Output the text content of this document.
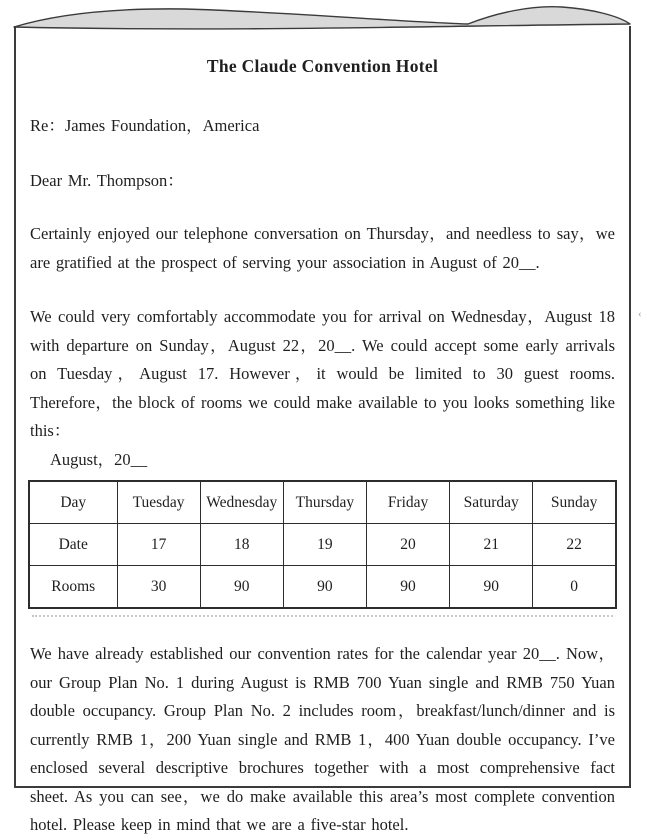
‹
The Claude Convention Hotel

Re：James Foundation，America

Dear Mr. Thompson：

Certainly enjoyed our telephone conversation on Thursday，and needless to say，we are gratified at the prospect of serving your association in August of 20__.

We could very comfortably accommodate you for arrival on Wednesday，August 18 with departure on Sunday，August 22，20__. We could accept some early arrivals on Tuesday，August 17. However，it would be limited to 30 guest rooms. Therefore，the block of rooms we could make available to you looks something like this：

August，20__

Day	Tuesday	Wednesday	Thursday	Friday	Saturday	Sunday
Date	17	18	19	20	21	22
Rooms	30	90	90	90	90	0

We have already established our convention rates for the calendar year 20__. Now，our Group Plan No. 1 during August is RMB 700 Yuan single and RMB 750 Yuan double occupancy. Group Plan No. 2 includes room，breakfast/lunch/dinner and is currently RMB 1，200 Yuan single and RMB 1，400 Yuan double occupancy. I’ve enclosed several descriptive brochures together with a most comprehensive fact sheet. As you can see，we do make available this area’s most complete convention hotel. Please keep in mind that we are a five-star hotel.
